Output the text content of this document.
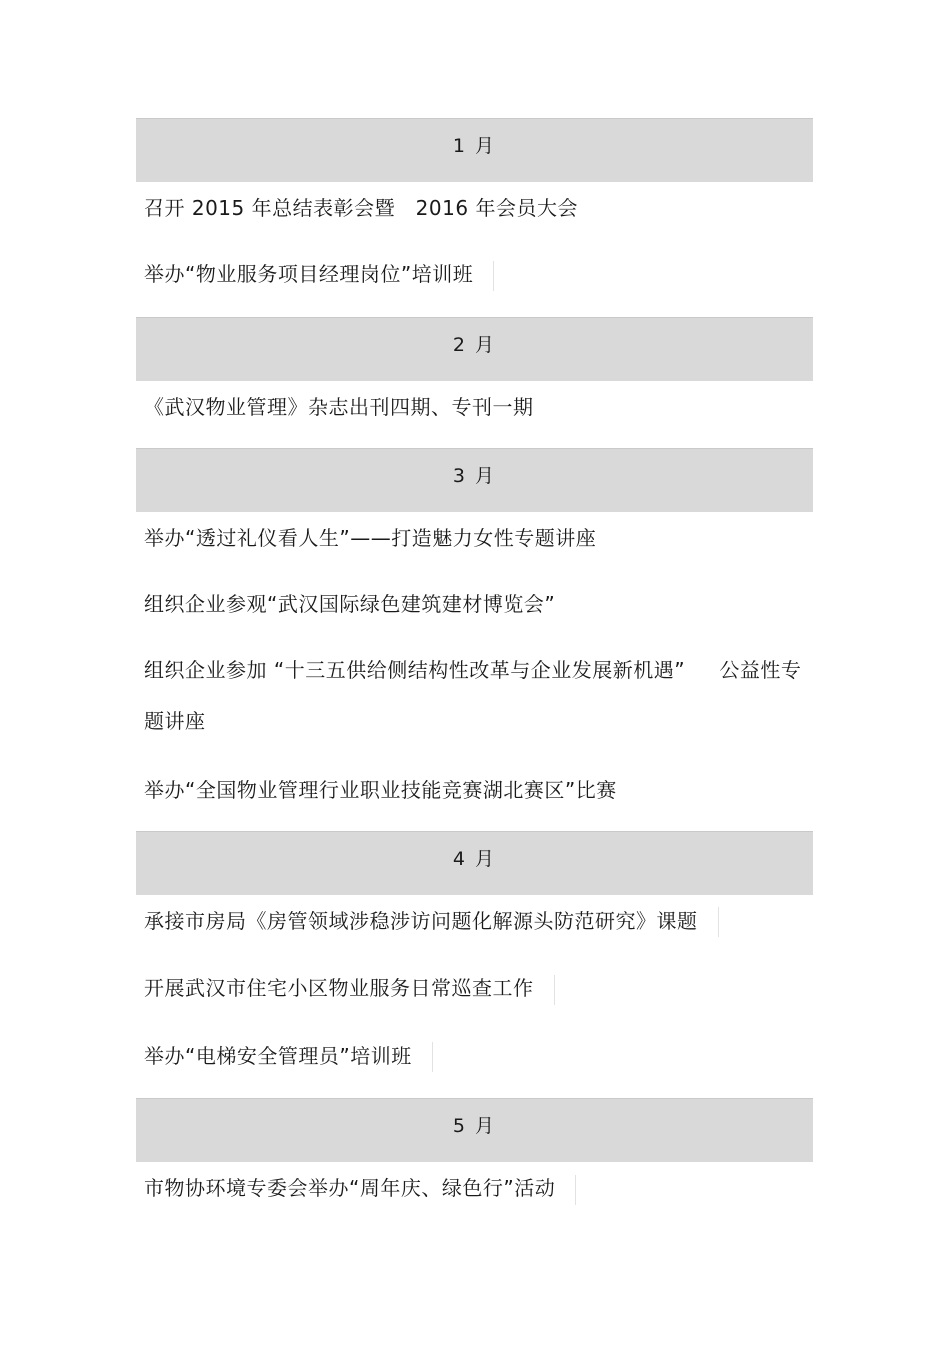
1 月
召开 2015 年总结表彰会暨   2016 年会员大会
举办“物业服务项目经理岗位”培训班
2 月
《武汉物业管理》杂志出刊四期、专刊一期
3 月
举办“透过礼仪看人生”——打造魅力女性专题讲座
组织企业参观“武汉国际绿色建筑建材博览会”
组织企业参加 “十三五供给侧结构性改革与企业发展新机遇”     公益性专题讲座
举办“全国物业管理行业职业技能竞赛湖北赛区”比赛
4 月
承接市房局《房管领域涉稳涉访问题化解源头防范研究》课题
开展武汉市住宅小区物业服务日常巡查工作
举办“电梯安全管理员”培训班
5 月
市物协环境专委会举办“周年庆、绿色行”活动
